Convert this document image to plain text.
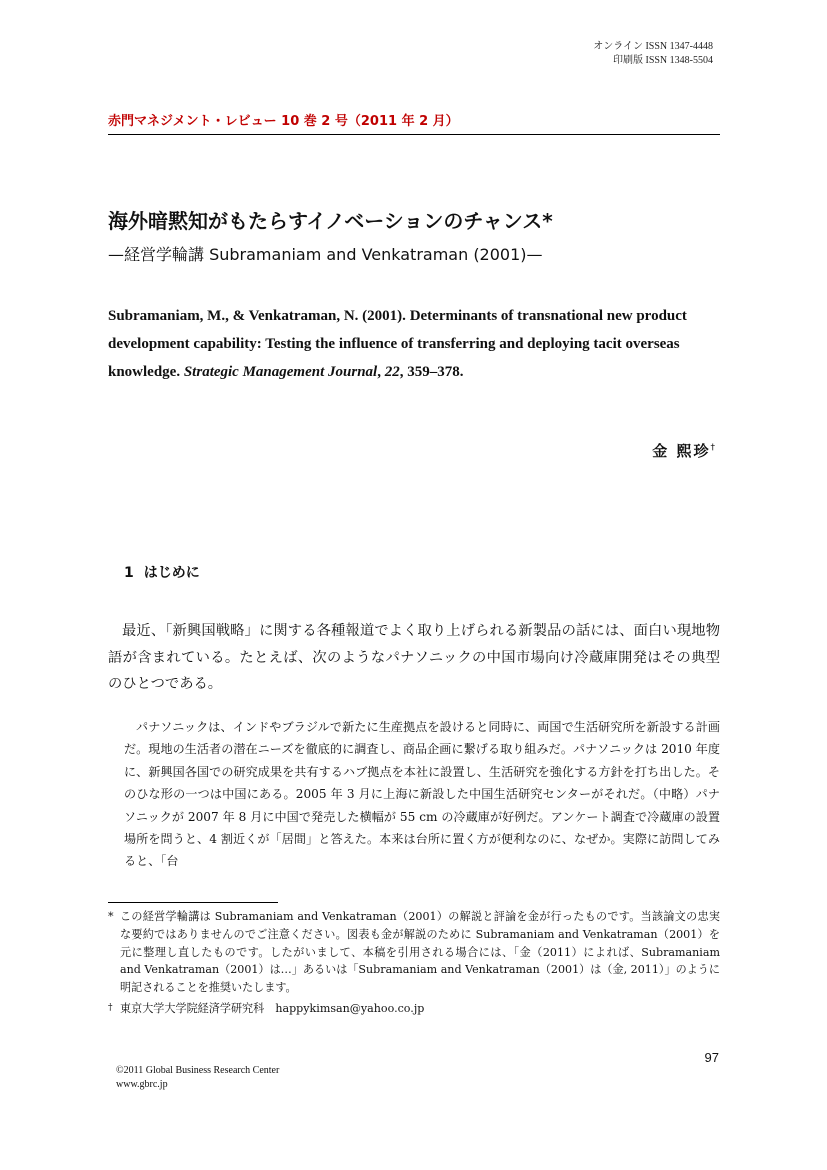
オンライン ISSN 1347-4448
印刷版 ISSN 1348-5504
赤門マネジメント・レビュー 10 巻 2 号（2011 年 2 月）
海外暗黙知がもたらすイノベーションのチャンス*
—経営学輪講 Subramaniam and Venkatraman (2001)—
Subramaniam, M., & Venkatraman, N. (2001). Determinants of transnational new product development capability: Testing the influence of transferring and deploying tacit overseas knowledge. Strategic Management Journal, 22, 359–378.
金 熙珍†
1 はじめに
最近、「新興国戦略」に関する各種報道でよく取り上げられる新製品の話には、面白い現地物語が含まれている。たとえば、次のようなパナソニックの中国市場向け冷蔵庫開発はその典型のひとつである。
パナソニックは、インドやブラジルで新たに生産拠点を設けると同時に、両国で生活研究所を新設する計画だ。現地の生活者の潜在ニーズを徹底的に調査し、商品企画に繋げる取り組みだ。パナソニックは 2010 年度に、新興国各国での研究成果を共有するハブ拠点を本社に設置し、生活研究を強化する方針を打ち出した。そのひな形の一つは中国にある。2005 年 3 月に上海に新設した中国生活研究センターがそれだ。（中略）パナソニックが 2007 年 8 月に中国で発売した横幅が 55 cm の冷蔵庫が好例だ。アンケート調査で冷蔵庫の設置場所を問うと、4 割近くが「居間」と答えた。本来は台所に置く方が便利なのに、なぜか。実際に訪問してみると、「台
* この経営学輪講は Subramaniam and Venkatraman（2001）の解説と評論を金が行ったものです。当該論文の忠実な要約ではありませんのでご注意ください。図表も金が解説のために Subramaniam and Venkatraman（2001）を元に整理し直したものです。したがいまして、本稿を引用される場合には、「金（2011）によれば、Subramaniam and Venkatraman（2001）は…」あるいは「Subramaniam and Venkatraman（2001）は（金, 2011）」のように明記されることを推奨いたします。
† 東京大学大学院経済学研究科　happykimsan@yahoo.co.jp
97
©2011 Global Business Research Center
www.gbrc.jp
